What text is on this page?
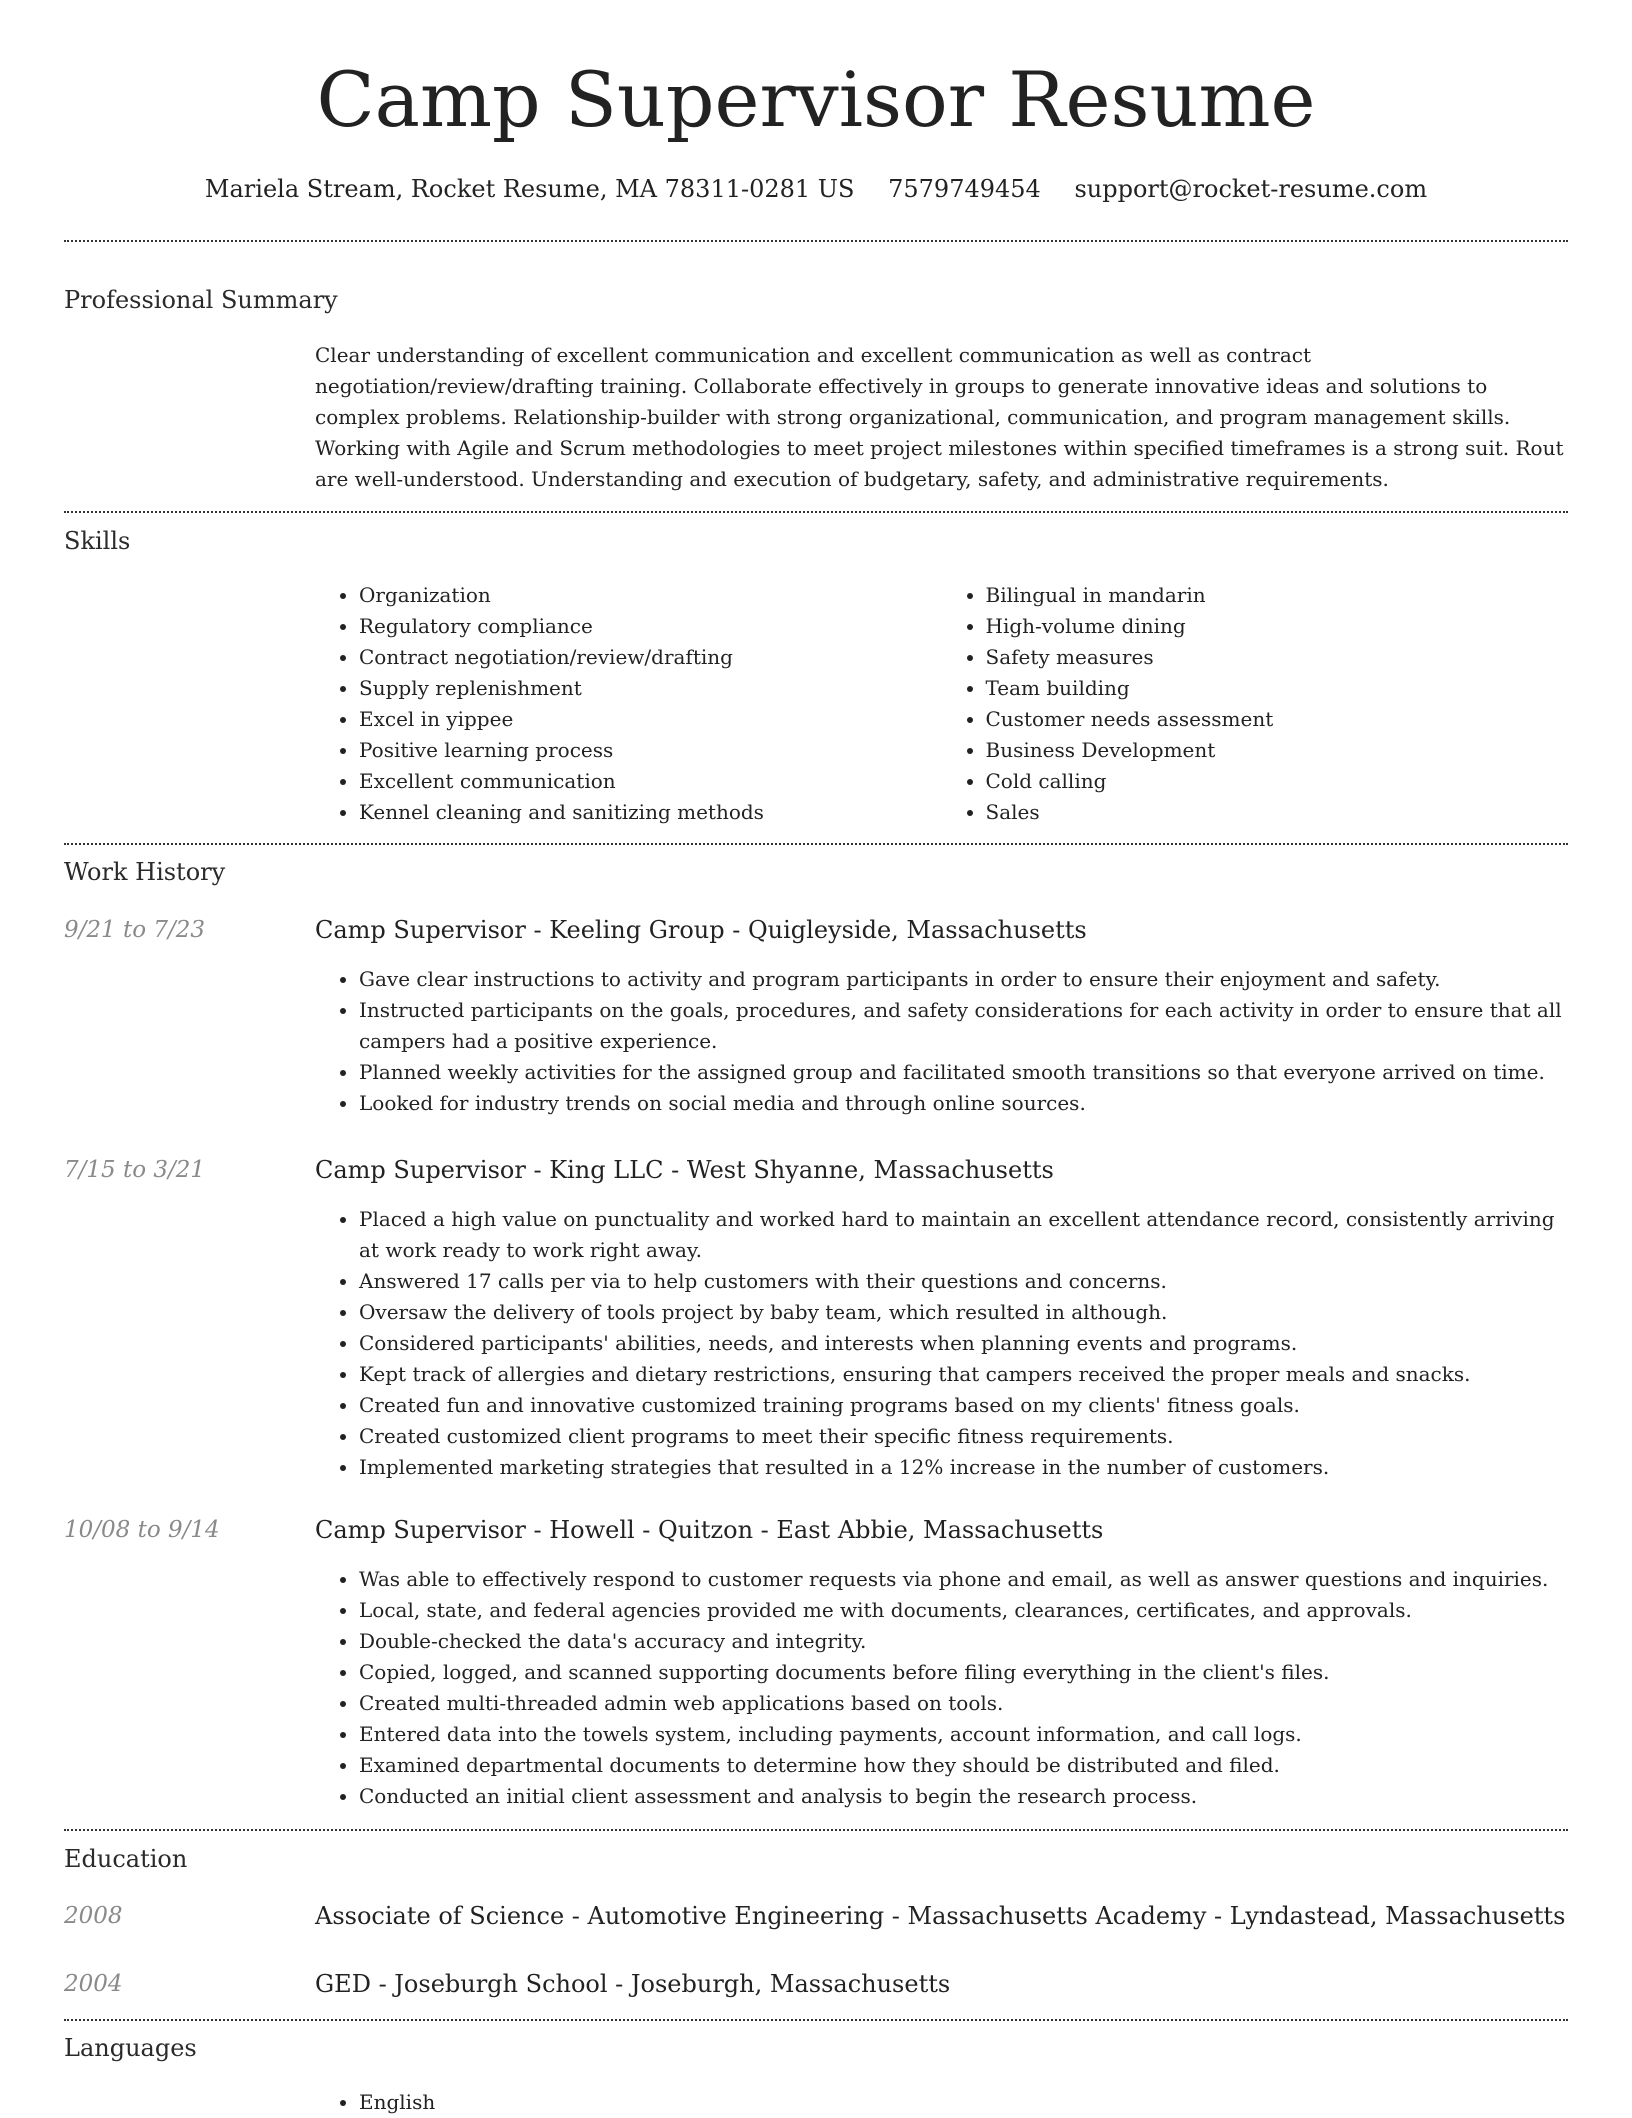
Camp Supervisor Resume
Mariela Stream, Rocket Resume, MA 78311-0281 US 7579749454 support@rocket-resume.com
Professional Summary

Clear understanding of excellent communication and excellent communication as well as contract negotiation/review/drafting training. Collaborate effectively in groups to generate innovative ideas and solutions to complex problems. Relationship-builder with strong organizational, communication, and program management skills. Working with Agile and Scrum methodologies to meet project milestones within specified timeframes is a strong suit. Rout are well-understood. Understanding and execution of budgetary, safety, and administrative requirements.

Skills
• Organization
• Regulatory compliance
• Contract negotiation/review/drafting
• Supply replenishment
• Excel in yippee
• Positive learning process
• Excellent communication
• Kennel cleaning and sanitizing methods
• Bilingual in mandarin
• High-volume dining
• Safety measures
• Team building
• Customer needs assessment
• Business Development
• Cold calling
• Sales
Work History
9/21 to 7/23	Camp Supervisor - Keeling Group - Quigleyside, Massachusetts
• Gave clear instructions to activity and program participants in order to ensure their enjoyment and safety.
• Instructed participants on the goals, procedures, and safety considerations for each activity in order to ensure that all campers had a positive experience.
• Planned weekly activities for the assigned group and facilitated smooth transitions so that everyone arrived on time.
• Looked for industry trends on social media and through online sources.
7/15 to 3/21	Camp Supervisor - King LLC - West Shyanne, Massachusetts
• Placed a high value on punctuality and worked hard to maintain an excellent attendance record, consistently arriving at work ready to work right away.
• Answered 17 calls per via to help customers with their questions and concerns.
• Oversaw the delivery of tools project by baby team, which resulted in although.
• Considered participants' abilities, needs, and interests when planning events and programs.
• Kept track of allergies and dietary restrictions, ensuring that campers received the proper meals and snacks.
• Created fun and innovative customized training programs based on my clients' fitness goals.
• Created customized client programs to meet their specific fitness requirements.
• Implemented marketing strategies that resulted in a 12% increase in the number of customers.
10/08 to 9/14	Camp Supervisor - Howell - Quitzon - East Abbie, Massachusetts
• Was able to effectively respond to customer requests via phone and email, as well as answer questions and inquiries.
• Local, state, and federal agencies provided me with documents, clearances, certificates, and approvals.
• Double-checked the data's accuracy and integrity.
• Copied, logged, and scanned supporting documents before filing everything in the client's files.
• Created multi-threaded admin web applications based on tools.
• Entered data into the towels system, including payments, account information, and call logs.
• Examined departmental documents to determine how they should be distributed and filed.
• Conducted an initial client assessment and analysis to begin the research process.
Education
2008	Associate of Science - Automotive Engineering - Massachusetts Academy - Lyndastead, Massachusetts
2004	GED - Joseburgh School - Joseburgh, Massachusetts
Languages
• English
